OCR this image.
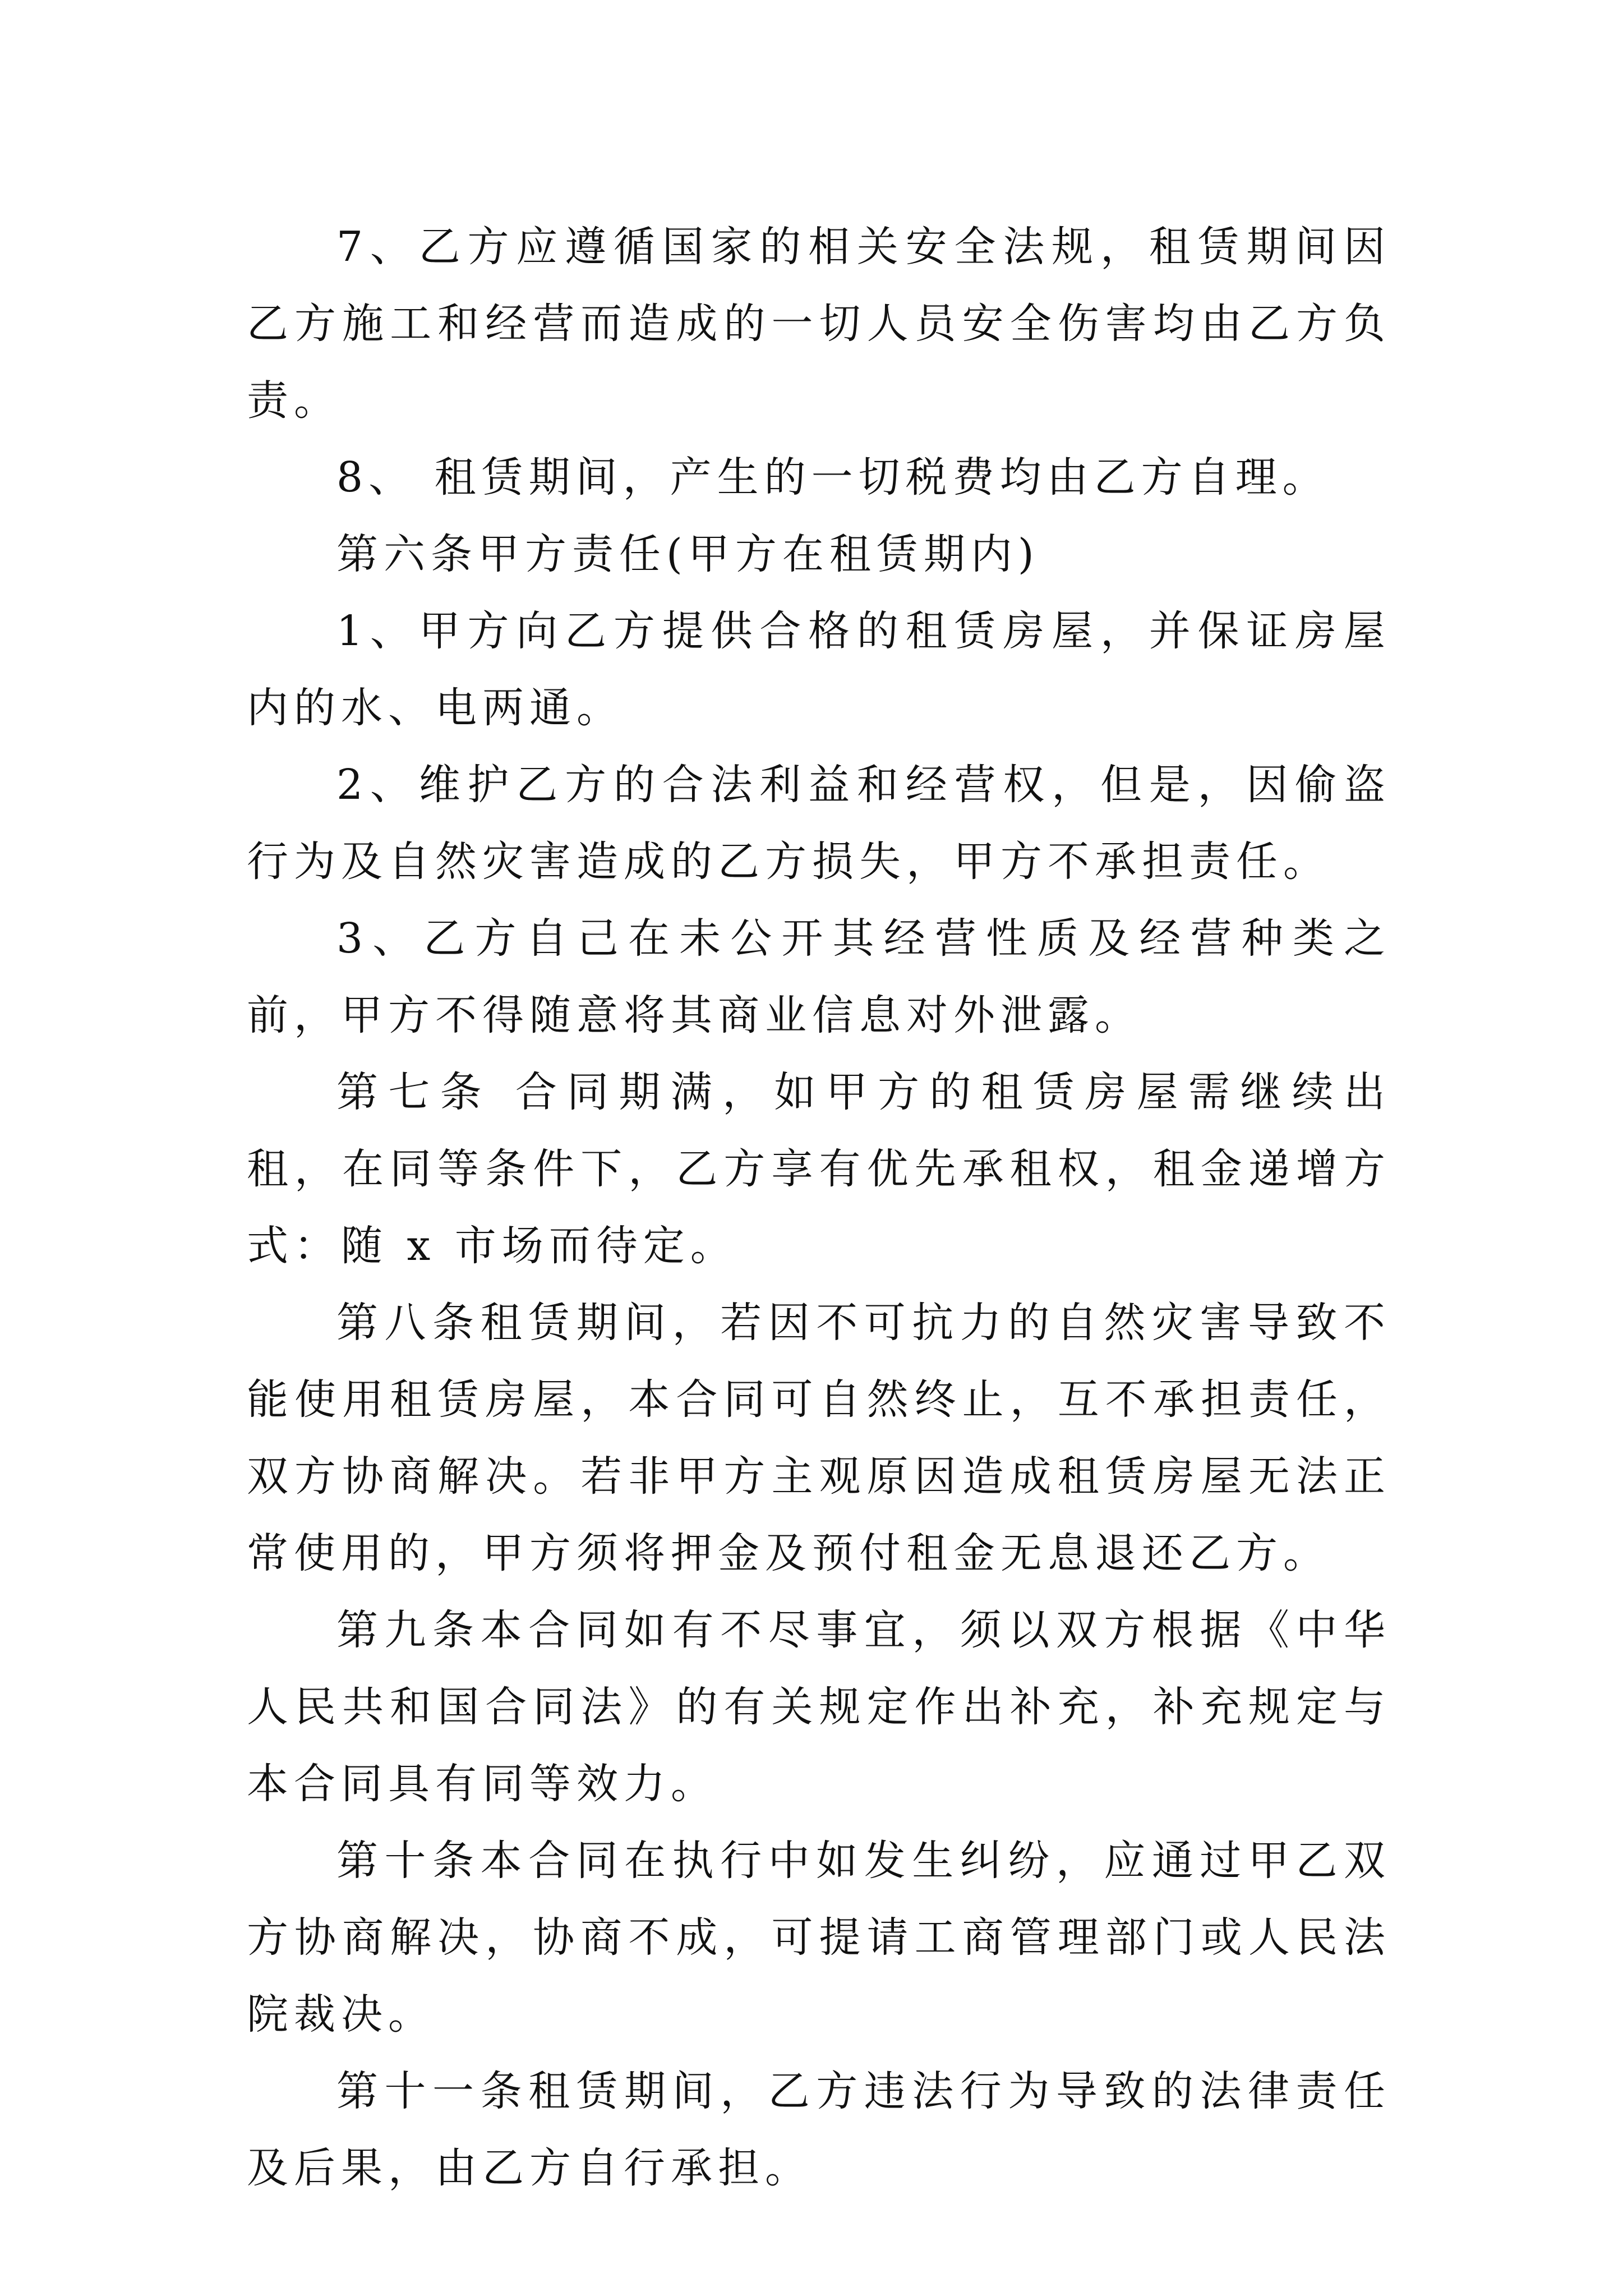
7、乙方应遵循国家的相关安全法规，租赁期间因乙方施工和经营而造成的一切人员安全伤害均由乙方负责。

8、 租赁期间，产生的一切税费均由乙方自理。

第六条甲方责任(甲方在租赁期内)

1、甲方向乙方提供合格的租赁房屋，并保证房屋内的水、电两通。

2、维护乙方的合法利益和经营权，但是，因偷盗行为及自然灾害造成的乙方损失，甲方不承担责任。

3、乙方自己在未公开其经营性质及经营种类之前，甲方不得随意将其商业信息对外泄露。

第七条 合同期满，如甲方的租赁房屋需继续出租，在同等条件下，乙方享有优先承租权，租金递增方式：随 x 市场而待定。

第八条租赁期间，若因不可抗力的自然灾害导致不能使用租赁房屋，本合同可自然终止，互不承担责任，双方协商解决。若非甲方主观原因造成租赁房屋无法正常使用的，甲方须将押金及预付租金无息退还乙方。

第九条本合同如有不尽事宜，须以双方根据《中华人民共和国合同法》的有关规定作出补充，补充规定与本合同具有同等效力。

第十条本合同在执行中如发生纠纷，应通过甲乙双方协商解决，协商不成，可提请工商管理部门或人民法院裁决。

第十一条租赁期间，乙方违法行为导致的法律责任及后果，由乙方自行承担。
